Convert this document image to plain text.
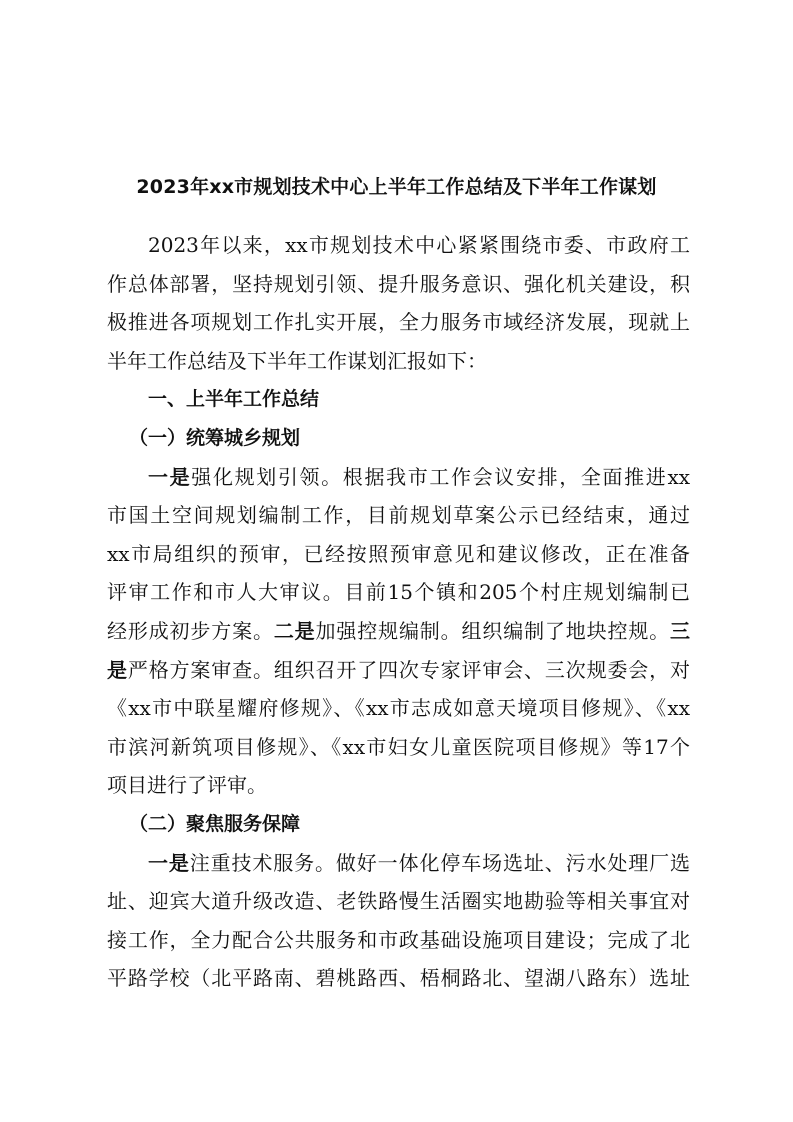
2023年xx市规划技术中心上半年工作总结及下半年工作谋划
2023年以来，xx市规划技术中心紧紧围绕市委、市政府工
作总体部署，坚持规划引领、提升服务意识、强化机关建设，积
极推进各项规划工作扎实开展，全力服务市域经济发展，现就上
半年工作总结及下半年工作谋划汇报如下：
一、上半年工作总结
（一）统筹城乡规划
一是强化规划引领。根据我市工作会议安排，全面推进xx
市国土空间规划编制工作，目前规划草案公示已经结束，通过
xx市局组织的预审，已经按照预审意见和建议修改，正在准备
评审工作和市人大审议。目前15个镇和205个村庄规划编制已
经形成初步方案。二是加强控规编制。组织编制了地块控规。三
是严格方案审查。组织召开了四次专家评审会、三次规委会，对
《xx市中联星耀府修规》、《xx市志成如意天境项目修规》、《xx
市滨河新筑项目修规》、《xx市妇女儿童医院项目修规》等17个
项目进行了评审。
（二）聚焦服务保障
一是注重技术服务。做好一体化停车场选址、污水处理厂选
址、迎宾大道升级改造、老铁路慢生活圈实地勘验等相关事宜对
接工作，全力配合公共服务和市政基础设施项目建设；完成了北
平路学校（北平路南、碧桃路西、梧桐路北、望湖八路东）选址
